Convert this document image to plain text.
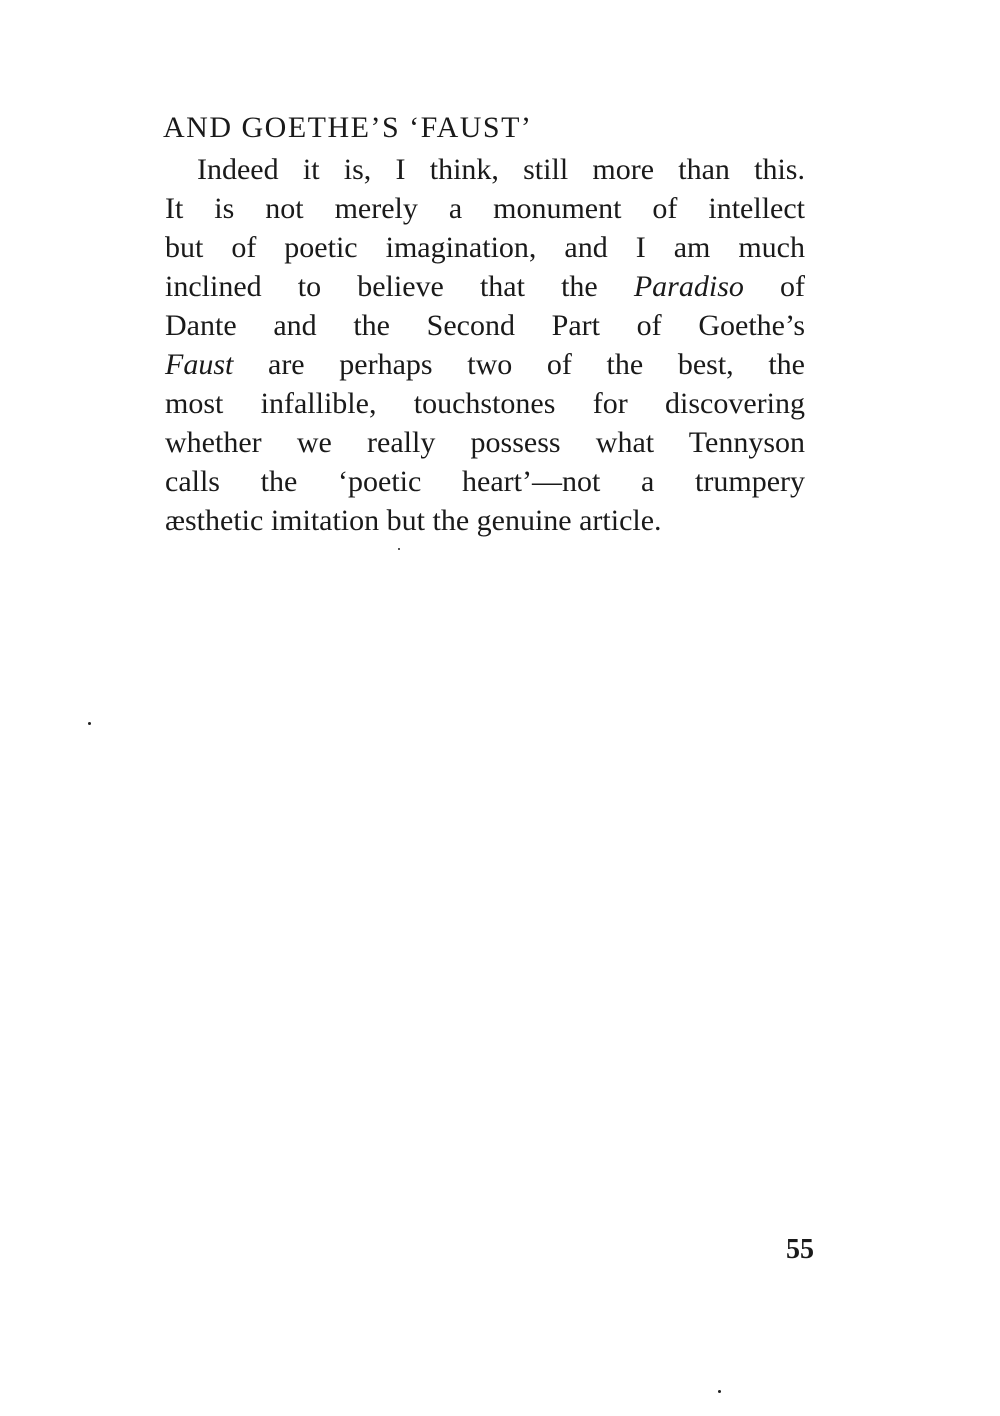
AND GOETHE’S ‘FAUST’
Indeed it is, I think, still more than this.
It is not merely a monument of intellect
but of poetic imagination, and I am much
inclined to believe that the Paradiso of
Dante and the Second Part of Goethe’s
Faust are perhaps two of the best, the
most infallible, touchstones for discovering
whether we really possess what Tennyson
calls the ‘poetic heart’—not a trumpery
æsthetic imitation but the genuine article.
55
